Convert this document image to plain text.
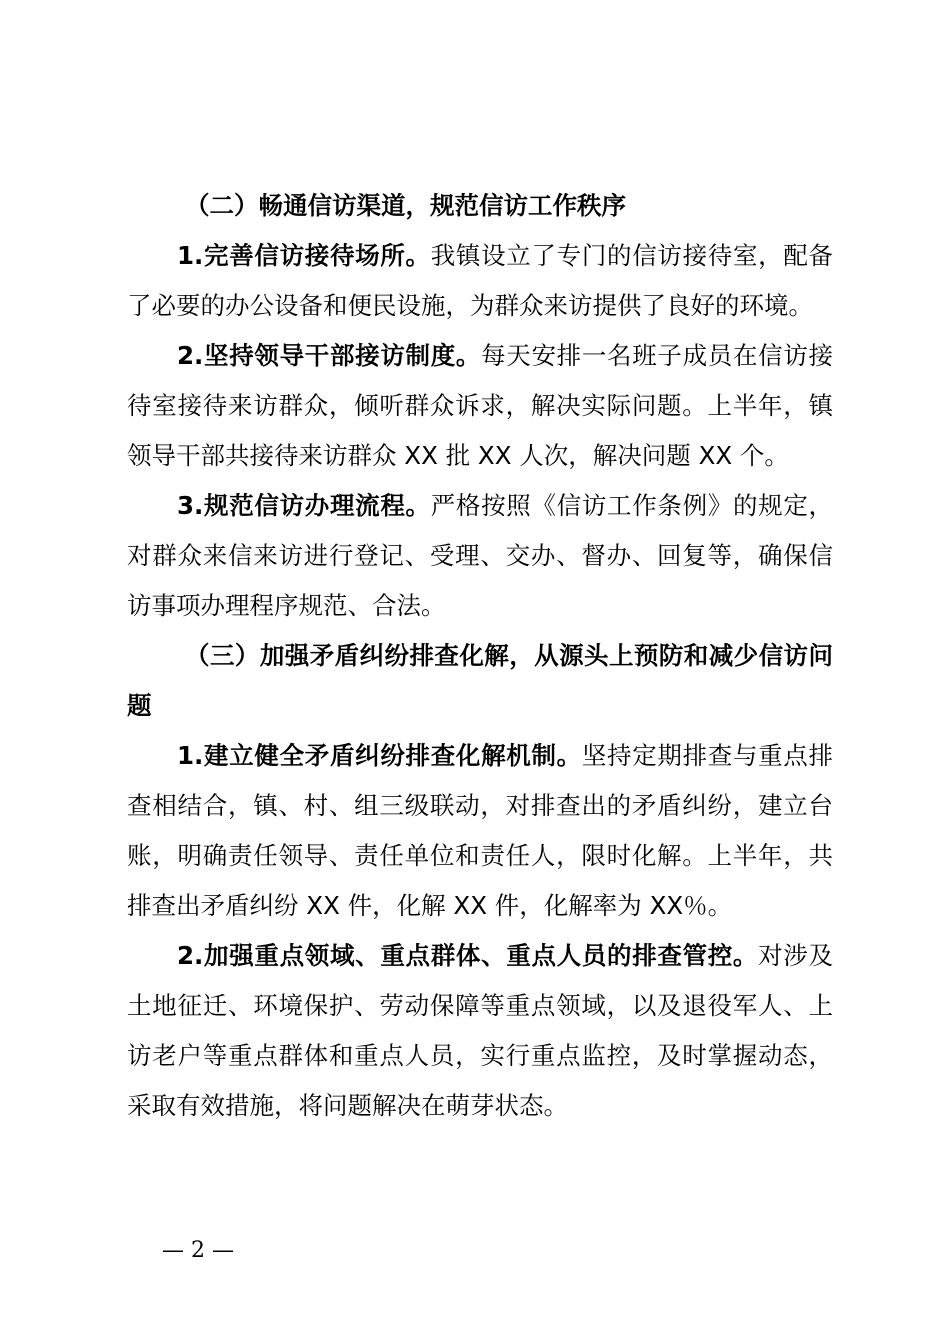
（二）畅通信访渠道，规范信访工作秩序

1.完善信访接待场所。我镇设立了专门的信访接待室，配备了必要的办公设备和便民设施，为群众来访提供了良好的环境。

2.坚持领导干部接访制度。每天安排一名班子成员在信访接待室接待来访群众，倾听群众诉求，解决实际问题。上半年，镇领导干部共接待来访群众 XX 批 XX 人次，解决问题 XX 个。

3.规范信访办理流程。严格按照《信访工作条例》的规定，对群众来信来访进行登记、受理、交办、督办、回复等，确保信访事项办理程序规范、合法。

（三）加强矛盾纠纷排查化解，从源头上预防和减少信访问题

1.建立健全矛盾纠纷排查化解机制。坚持定期排查与重点排查相结合，镇、村、组三级联动，对排查出的矛盾纠纷，建立台账，明确责任领导、责任单位和责任人，限时化解。上半年，共排查出矛盾纠纷 XX 件，化解 XX 件，化解率为 XX％。

2.加强重点领域、重点群体、重点人员的排查管控。对涉及土地征迁、环境保护、劳动保障等重点领域，以及退役军人、上访老户等重点群体和重点人员，实行重点监控，及时掌握动态，采取有效措施，将问题解决在萌芽状态。

— 2 —
